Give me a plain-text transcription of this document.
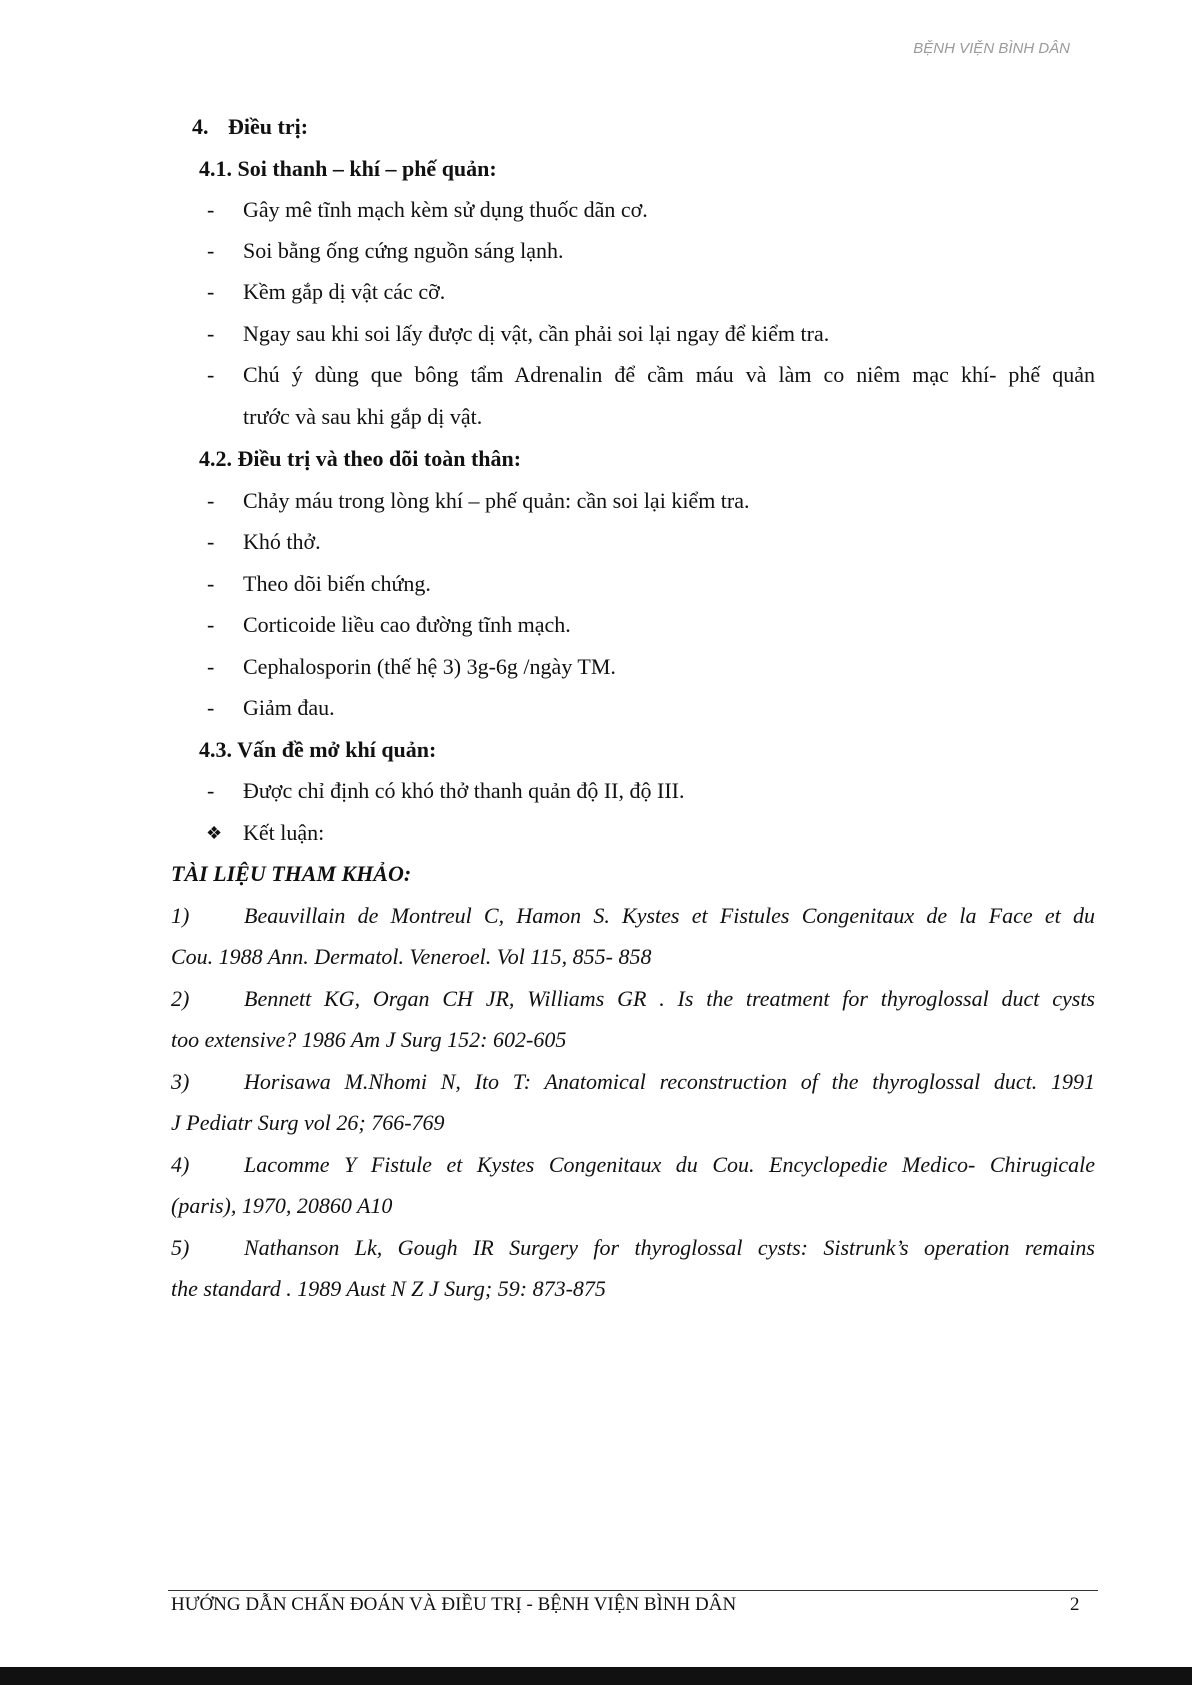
BỆNH VIỆN BÌNH DÂN
4. Điều trị:
4.1. Soi thanh – khí – phế quản:
- Gây mê tĩnh mạch kèm sử dụng thuốc dãn cơ.
- Soi bằng ống cứng nguồn sáng lạnh.
- Kềm gắp dị vật các cỡ.
- Ngay sau khi soi lấy được dị vật, cần phải soi lại ngay để kiểm tra.
- Chú ý dùng que bông tẩm Adrenalin để cầm máu và làm co niêm mạc khí- phế quản
trước và sau khi gắp dị vật.
4.2. Điều trị và theo dõi toàn thân:
- Chảy máu trong lòng khí – phế quản: cần soi lại kiểm tra.
- Khó thở.
- Theo dõi biến chứng.
- Corticoide liều cao đường tĩnh mạch.
- Cephalosporin (thế hệ 3) 3g-6g /ngày TM.
- Giảm đau.
4.3. Vấn đề mở khí quản:
- Được chỉ định có khó thở thanh quản độ II, độ III.
❖ Kết luận:
TÀI LIỆU THAM KHẢO:
1)	Beauvillain de Montreul C, Hamon S. Kystes et Fistules Congenitaux de la Face et du
Cou. 1988 Ann. Dermatol. Veneroel. Vol 115, 855- 858
2)	Bennett KG, Organ CH JR, Williams GR . Is the treatment for thyroglossal duct cysts
too extensive? 1986 Am J Surg 152: 602-605
3)	Horisawa M.Nhomi N, Ito T: Anatomical reconstruction of the thyroglossal duct. 1991
J Pediatr Surg vol 26; 766-769
4)	Lacomme Y Fistule et Kystes Congenitaux du Cou. Encyclopedie Medico- Chirugicale
(paris), 1970, 20860 A10
5)	Nathanson Lk, Gough IR Surgery for thyroglossal cysts: Sistrunk’s operation remains
the standard . 1989 Aust N Z J Surg; 59: 873-875
HƯỚNG DẪN CHẨN ĐOÁN VÀ ĐIỀU TRỊ - BỆNH VIỆN BÌNH DÂN	2
